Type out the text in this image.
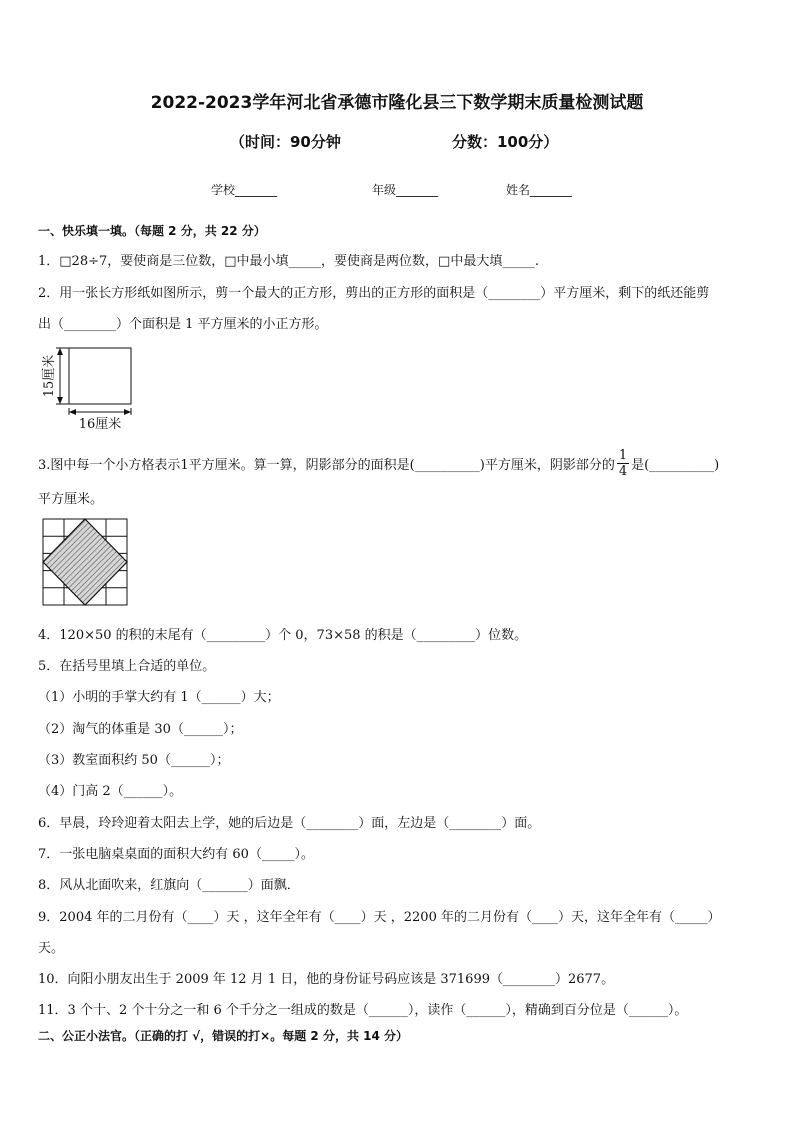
2022-2023学年河北省承德市隆化县三下数学期末质量检测试题
（时间：90分钟	分数：100分）
学校_______	年级_______	姓名_______
一、快乐填一填。（每题 2 分，共 22 分）
1．□28÷7，要使商是三位数，□中最小填_____，要使商是两位数，□中最大填_____.
2．用一张长方形纸如图所示，剪一个最大的正方形，剪出的正方形的面积是（________）平方厘米，剩下的纸还能剪
出（________）个面积是 1 平方厘米的小正方形。
15厘米
16厘米
3.图中每一个小方格表示1平方厘米。算一算，阴影部分的面积是(__________)平方厘米，阴影部分的 $\frac{1}{4}$ 是(__________)
平方厘米。
4．120×50 的积的末尾有（_________）个 0，73×58 的积是（_________）位数。
5．在括号里填上合适的单位。
（1）小明的手掌大约有 1（______）大；
（2）淘气的体重是 30（______）；
（3）教室面积约 50（______）；
（4）门高 2（______）。
6．早晨，玲玲迎着太阳去上学，她的后边是（________）面，左边是（________）面。
7．一张电脑桌桌面的面积大约有 60（_____）。
8．风从北面吹来，红旗向（_______）面飘．
9．2004 年的二月份有（____）天 ，这年全年有（____）天 ，2200 年的二月份有（____）天，这年全年有（_____）
天。
10．向阳小朋友出生于 2009 年 12 月 1 日，他的身份证号码应该是 371699（________）2677。
11．3 个十、2 个十分之一和 6 个千分之一组成的数是（______），读作（______），精确到百分位是（______）。
二、公正小法官。（正确的打 √，错误的打×。每题 2 分，共 14 分）
